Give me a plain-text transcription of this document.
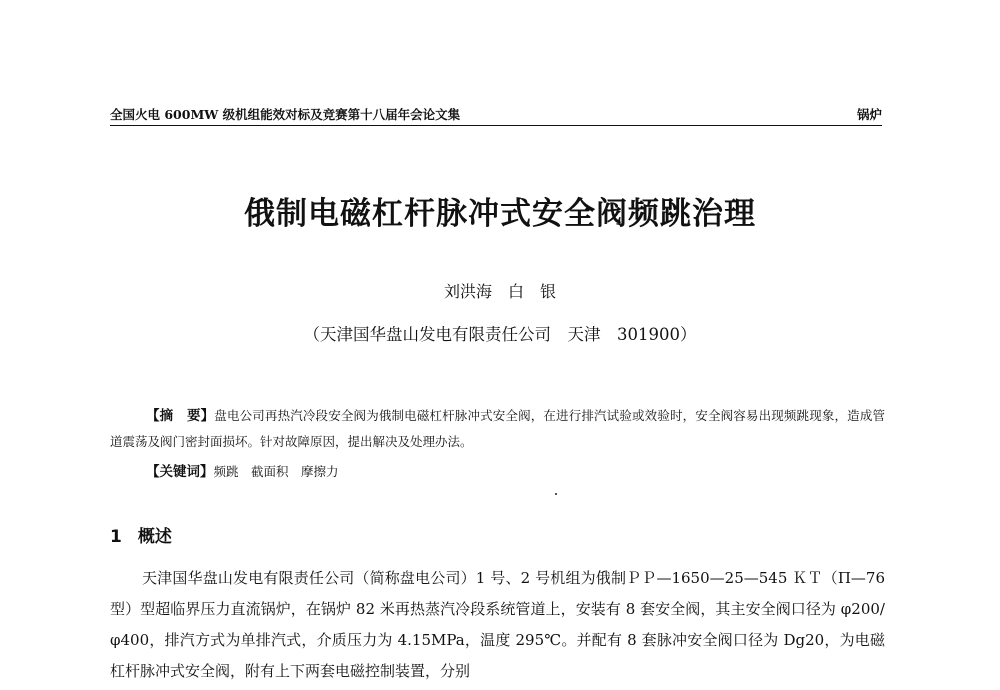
全国火电 600MW 级机组能效对标及竞赛第十八届年会论文集	锅炉
俄制电磁杠杆脉冲式安全阀频跳治理
刘洪海　白　银
（天津国华盘山发电有限责任公司　天津　301900）
【摘　要】盘电公司再热汽冷段安全阀为俄制电磁杠杆脉冲式安全阀，在进行排汽试验或效验时，安全阀容易出现频跳现象，造成管道震荡及阀门密封面损坏。针对故障原因，提出解决及处理办法。
【关键词】频跳　截面积　摩擦力
1 概述
天津国华盘山发电有限责任公司（简称盘电公司）1 号、2 号机组为俄制ＰＰ—1650—25—545 ＫＴ（Π—76 型）型超临界压力直流锅炉，在锅炉 82 米再热蒸汽冷段系统管道上，安装有 8 套安全阀，其主安全阀口径为 φ200/φ400，排汽方式为单排汽式，介质压力为 4.15MPa，温度 295℃。并配有 8 套脉冲安全阀口径为 Dg20，为电磁杠杆脉冲式安全阀，附有上下两套电磁控制装置，分别
